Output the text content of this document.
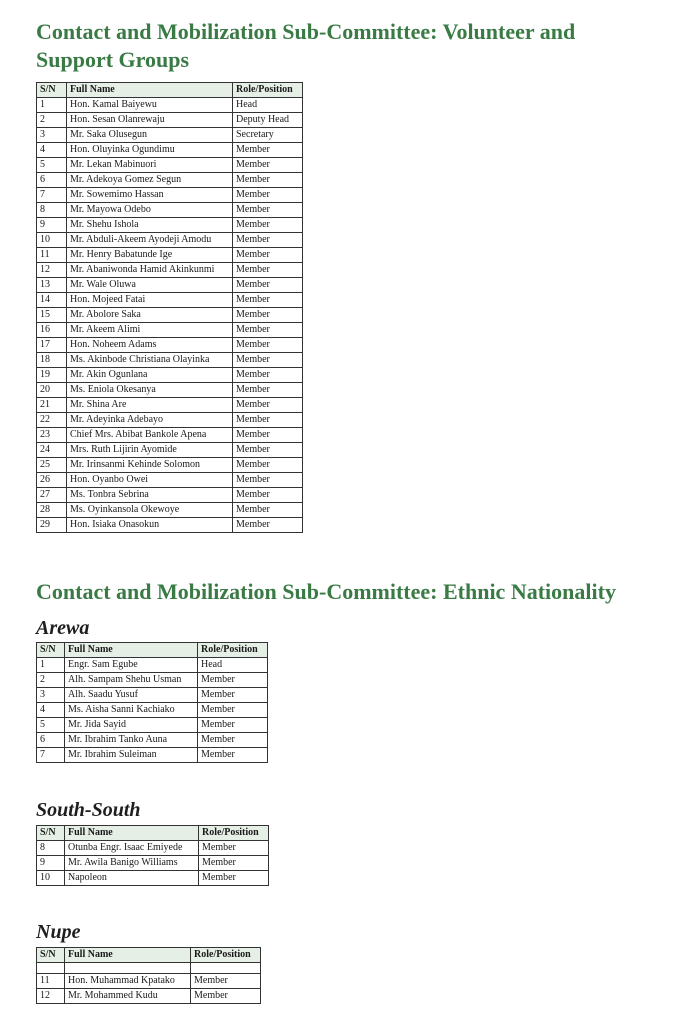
Contact and Mobilization Sub-Committee: Volunteer and Support Groups
S/N	Full Name	Role/Position
1	Hon. Kamal Baiyewu	Head
2	Hon. Sesan Olanrewaju	Deputy Head
3	Mr. Saka Olusegun	Secretary
4	Hon. Oluyinka Ogundimu	Member
5	Mr. Lekan Mabinuori	Member
6	Mr. Adekoya Gomez Segun	Member
7	Mr. Sowemimo Hassan	Member
8	Mr. Mayowa Odebo	Member
9	Mr. Shehu Ishola	Member
10	Mr. Abduli-Akeem Ayodeji Amodu	Member
11	Mr. Henry Babatunde Ige	Member
12	Mr. Abaniwonda Hamid Akinkunmi	Member
13	Mr. Wale Oluwa	Member
14	Hon. Mojeed Fatai	Member
15	Mr. Abolore Saka	Member
16	Mr. Akeem Alimi	Member
17	Hon. Noheem Adams	Member
18	Ms. Akinbode Christiana Olayinka	Member
19	Mr. Akin Ogunlana	Member
20	Ms. Eniola Okesanya	Member
21	Mr. Shina Are	Member
22	Mr. Adeyinka Adebayo	Member
23	Chief Mrs. Abibat Bankole Apena	Member
24	Mrs. Ruth Lijirin Ayomide	Member
25	Mr. Irinsanmi Kehinde Solomon	Member
26	Hon. Oyanbo Owei	Member
27	Ms. Tonbra Sebrina	Member
28	Ms. Oyinkansola Okewoye	Member
29	Hon. Isiaka Onasokun	Member
Contact and Mobilization Sub-Committee: Ethnic Nationality
Arewa
S/N	Full Name	Role/Position
1	Engr. Sam Egube	Head
2	Alh. Sampam Shehu Usman	Member
3	Alh. Saadu Yusuf	Member
4	Ms. Aisha Sanni Kachiako	Member
5	Mr. Jida Sayid	Member
6	Mr. Ibrahim Tanko Auna	Member
7	Mr. Ibrahim Suleiman	Member
South-South
S/N	Full Name	Role/Position
8	Otunba Engr. Isaac Emiyede	Member
9	Mr. Awila Banigo Williams	Member
10	Napoleon	Member
Nupe
S/N	Full Name	Role/Position

11	Hon. Muhammad Kpatako	Member
12	Mr. Mohammed Kudu	Member
